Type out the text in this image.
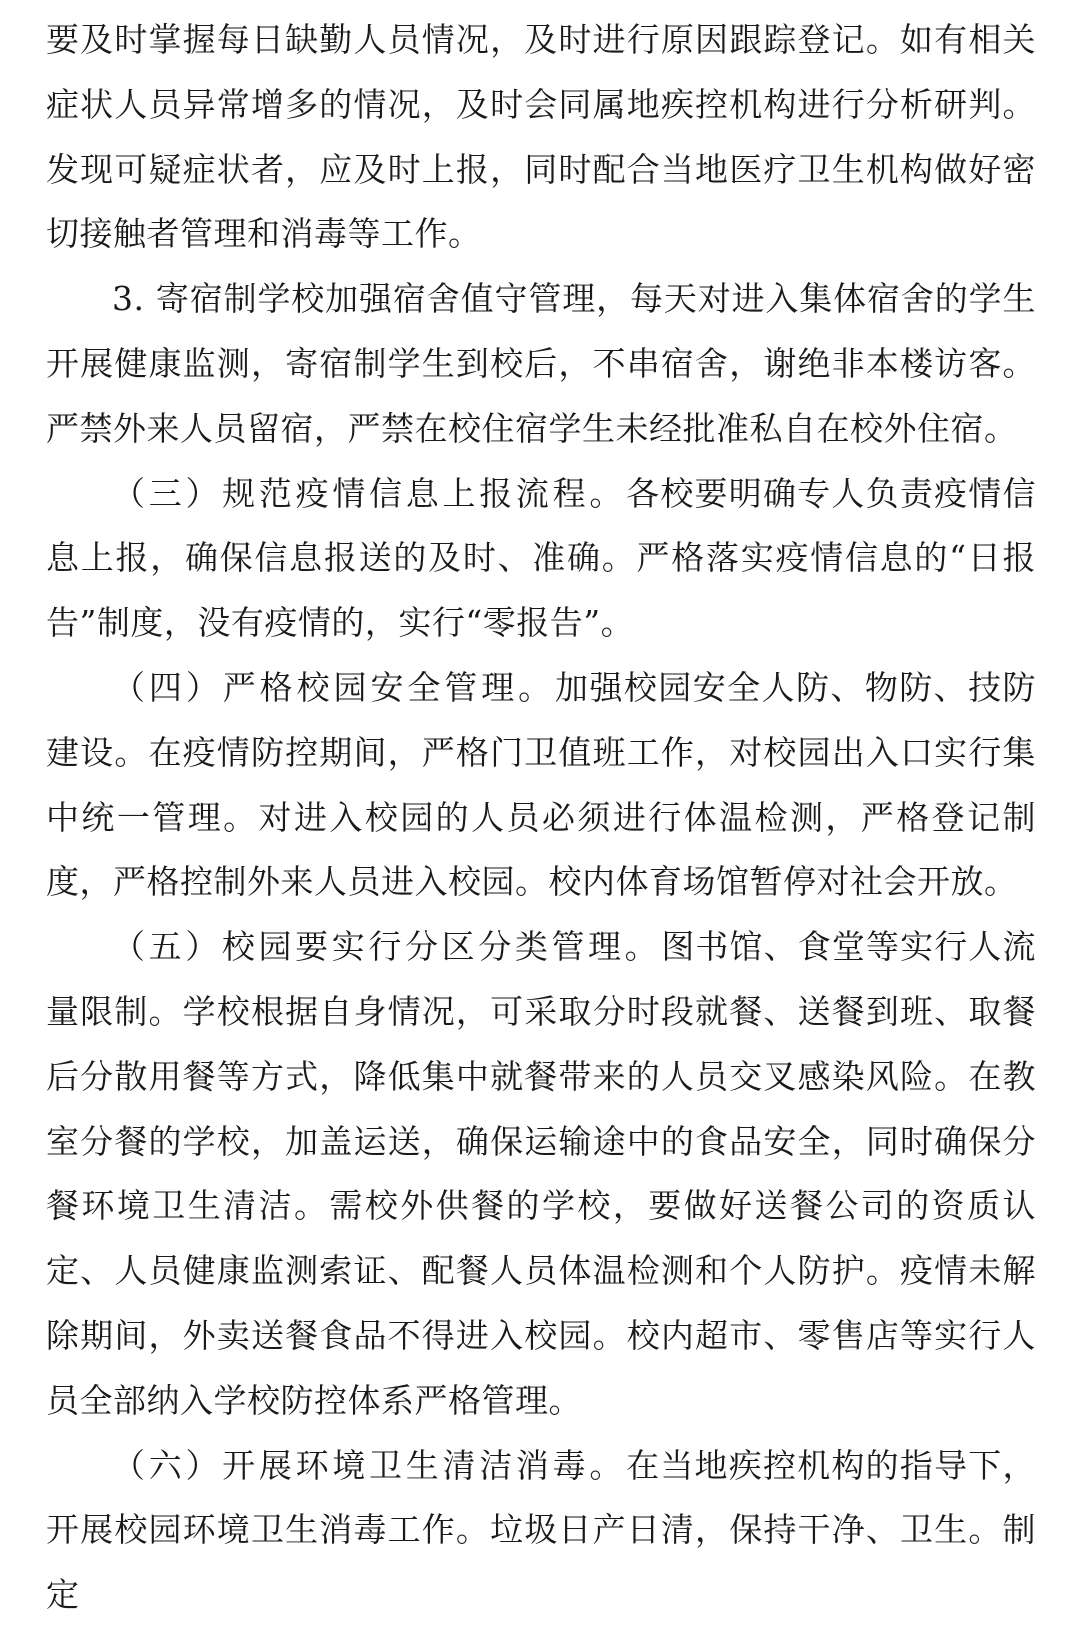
要及时掌握每日缺勤人员情况，及时进行原因跟踪登记。如有相关症状人员异常增多的情况，及时会同属地疾控机构进行分析研判。发现可疑症状者，应及时上报，同时配合当地医疗卫生机构做好密切接触者管理和消毒等工作。

3. 寄宿制学校加强宿舍值守管理，每天对进入集体宿舍的学生开展健康监测，寄宿制学生到校后，不串宿舍，谢绝非本楼访客。严禁外来人员留宿，严禁在校住宿学生未经批准私自在校外住宿。

（三）规范疫情信息上报流程。各校要明确专人负责疫情信息上报，确保信息报送的及时、准确。严格落实疫情信息的“日报告”制度，没有疫情的，实行“零报告”。

（四）严格校园安全管理。加强校园安全人防、物防、技防建设。在疫情防控期间，严格门卫值班工作，对校园出入口实行集中统一管理。对进入校园的人员必须进行体温检测，严格登记制度，严格控制外来人员进入校园。校内体育场馆暂停对社会开放。

（五）校园要实行分区分类管理。图书馆、食堂等实行人流量限制。学校根据自身情况，可采取分时段就餐、送餐到班、取餐后分散用餐等方式，降低集中就餐带来的人员交叉感染风险。在教室分餐的学校，加盖运送，确保运输途中的食品安全，同时确保分餐环境卫生清洁。需校外供餐的学校，要做好送餐公司的资质认定、人员健康监测索证、配餐人员体温检测和个人防护。疫情未解除期间，外卖送餐食品不得进入校园。校内超市、零售店等实行人员全部纳入学校防控体系严格管理。

（六）开展环境卫生清洁消毒。在当地疾控机构的指导下，开展校园环境卫生消毒工作。垃圾日产日清，保持干净、卫生。制定
